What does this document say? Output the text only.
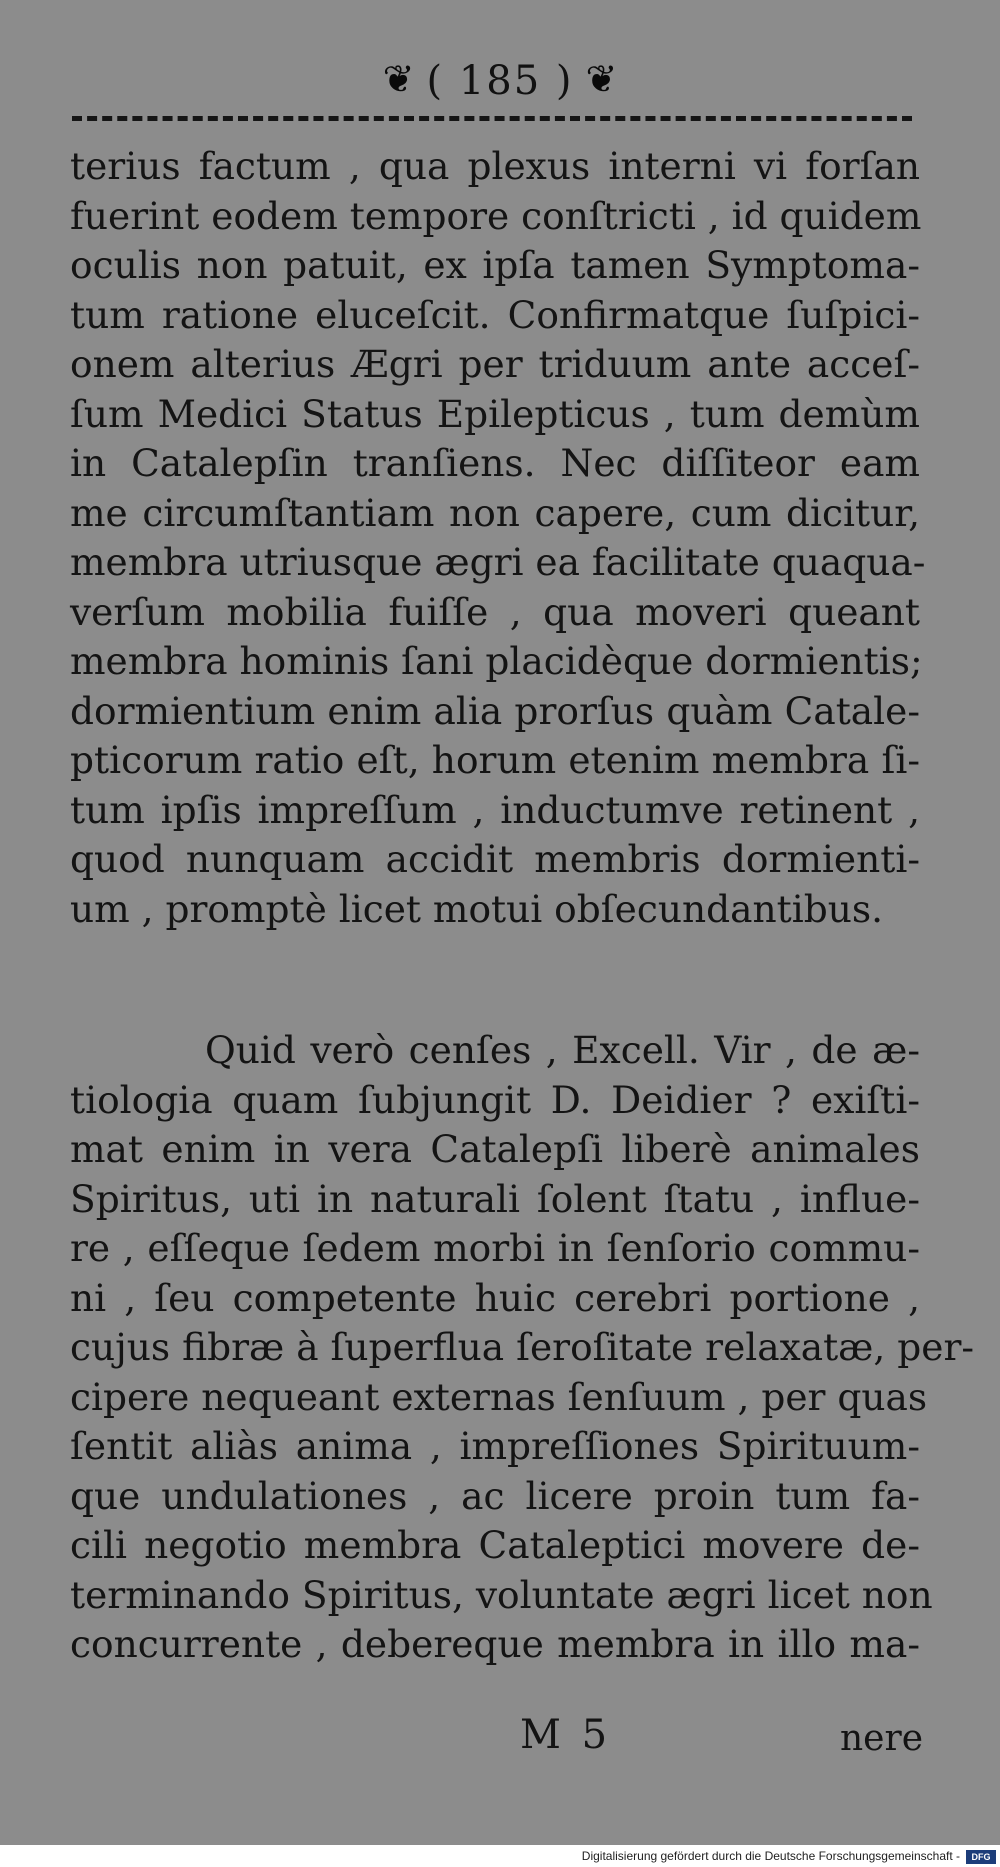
❦ ( 185 ) ❦
terius factum , qua plexus interni vi forſan
fuerint eodem tempore conſtricti , id quidem
oculis non patuit, ex ipſa tamen Symptoma-
tum ratione eluceſcit. Confirmatque ſuſpici-
onem alterius Ægri per triduum ante acceſ-
ſum Medici Status Epilepticus , tum demùm
in Catalepſin tranſiens. Nec diſſiteor eam
me circumſtantiam non capere, cum dicitur,
membra utriusque ægri ea facilitate quaqua-
verſum mobilia fuiſſe , qua moveri queant
membra hominis ſani placidèque dormientis;
dormientium enim alia prorſus quàm Catale-
pticorum ratio eſt, horum etenim membra ſi-
tum ipſis impreſſum , inductumve retinent ,
quod nunquam accidit membris dormienti-
um , promptè licet motui obſecundantibus.
Quid verò cenſes , Excell. Vir , de æ-
tiologia quam ſubjungit D. Deidier ? exiſti-
mat enim in vera Catalepſi liberè animales
Spiritus, uti in naturali ſolent ſtatu , influe-
re , eſſeque ſedem morbi in ſenſorio commu-
ni , ſeu competente huic cerebri portione ,
cujus fibræ à ſuperflua ſeroſitate relaxatæ, per-
cipere nequeant externas ſenſuum , per quas
ſentit aliàs anima , impreſſiones Spirituum-
que undulationes , ac licere proin tum fa-
cili negotio membra Cataleptici movere de-
terminando Spiritus, voluntate ægri licet non
concurrente , debereque membra in illo ma-
M 5	nere
Digitalisierung gefördert durch die Deutsche Forschungsgemeinschaft -	DFG
